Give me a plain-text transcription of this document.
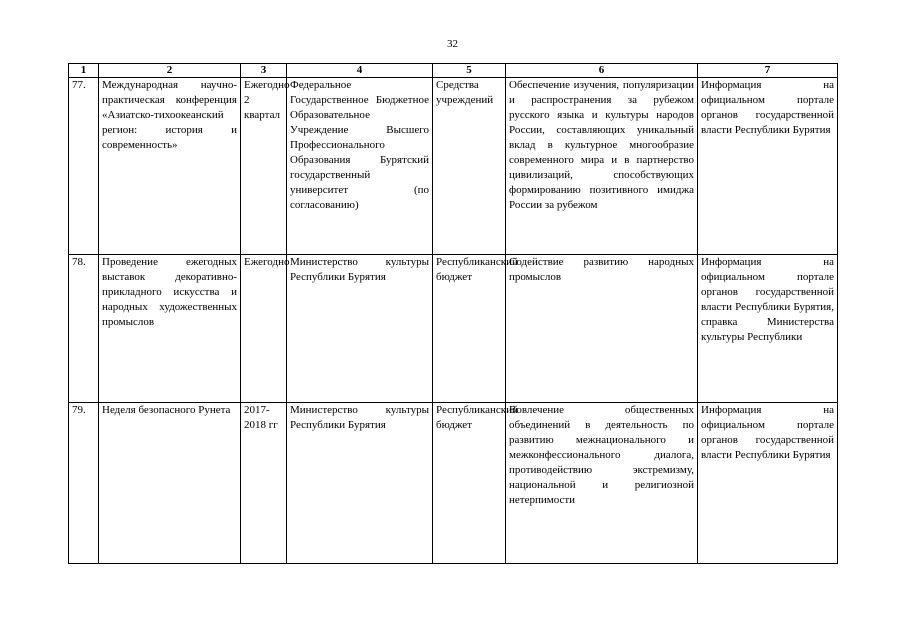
32
1	2	3	4	5	6	7
77.	Международная научно-практическая конференция «Азиатско-тихоокеанский регион: история и современность»	Ежегодно 2 квартал	Федеральное Государственное Бюджетное Образовательное Учреждение Высшего Профессионального Образования Бурятский государственный университет (по согласованию)	Средства учреждений	Обеспечение изучения, популяризации и распространения за рубежом русского языка и культуры народов России, составляющих уникальный вклад в культурное многообразие современного мира и в партнерство цивилизаций, способствующих формированию позитивного имиджа России за рубежом	Информация на официальном портале органов государственной власти Республики Бурятия
78.	Проведение ежегодных выставок декоративно-прикладного искусства и народных художественных промыслов	Ежегодно	Министерство культуры Республики Бурятия	Республиканский бюджет	Содействие развитию народных промыслов	Информация на официальном портале органов государственной власти Республики Бурятия, справка Министерства культуры Республики
79.	Неделя безопасного Рунета	2017-2018 гг	Министерство культуры Республики Бурятия	Республиканский бюджет	Вовлечение общественных объединений в деятельность по развитию межнационального и межконфессионального диалога, противодействию экстремизму, национальной и религиозной нетерпимости	Информация на официальном портале органов государственной власти Республики Бурятия
